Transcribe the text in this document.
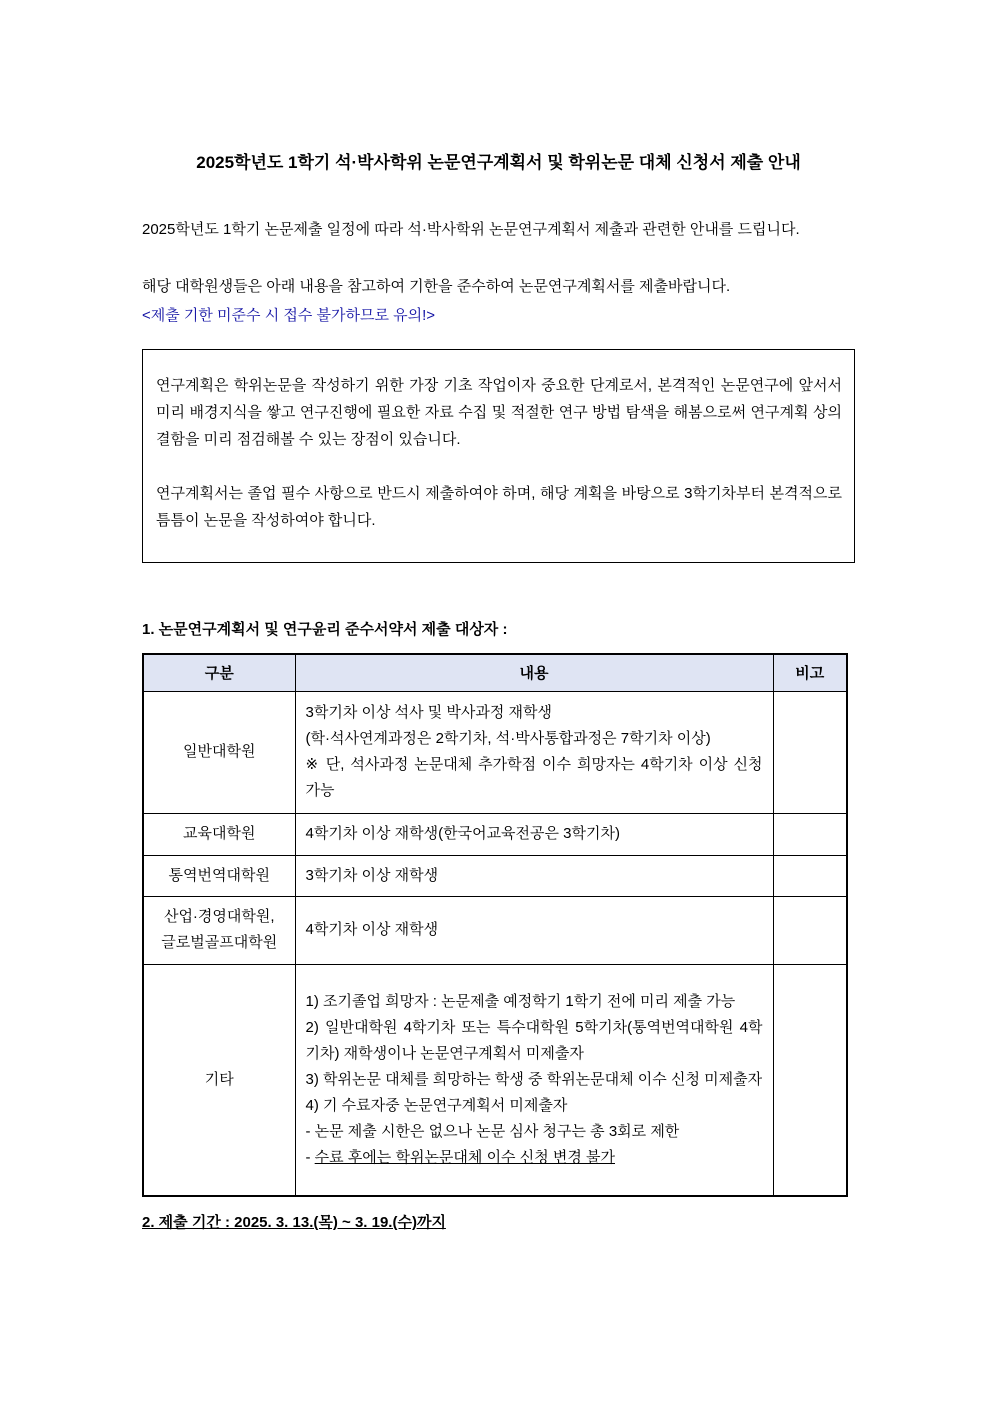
2025학년도 1학기 석·박사학위 논문연구계획서 및 학위논문 대체 신청서 제출 안내

2025학년도 1학기 논문제출 일정에 따라 석·박사학위 논문연구계획서 제출과 관련한 안내를 드립니다.

해당 대학원생들은 아래 내용을 참고하여 기한을 준수하여 논문연구계획서를 제출바랍니다.

<제출 기한 미준수 시 접수 불가하므로 유의!>

연구계획은 학위논문을 작성하기 위한 가장 기초 작업이자 중요한 단계로서, 본격적인 논문연구에 앞서서 미리 배경지식을 쌓고 연구진행에 필요한 자료 수집 및 적절한 연구 방법 탐색을 해봄으로써 연구계획 상의 결함을 미리 점검해볼 수 있는 장점이 있습니다.

연구계획서는 졸업 필수 사항으로 반드시 제출하여야 하며, 해당 계획을 바탕으로 3학기차부터 본격적으로 틈틈이 논문을 작성하여야 합니다.

1. 논문연구계획서 및 연구윤리 준수서약서 제출 대상자 :
구분	내용	비고

일반대학원	3학기차 이상 석사 및 박사과정 재학생
(학·석사연계과정은 2학기차, 석·박사통합과정은 7학기차 이상)
※ 단, 석사과정 논문대체 추가학점 이수 희망자는 4학기차 이상 신청 가능	

교육대학원	4학기차 이상 재학생(한국어교육전공은 3학기차)	

통역번역대학원	3학기차 이상 재학생	

산업·경영대학원,
글로벌골프대학원	4학기차 이상 재학생	

기타

1) 조기졸업 희망자 : 논문제출 예정학기 1학기 전에 미리 제출 가능
2) 일반대학원 4학기차 또는 특수대학원 5학기차(통역번역대학원 4학기차) 재학생이나 논문연구계획서 미제출자
3) 학위논문 대체를 희망하는 학생 중 학위논문대체 이수 신청 미제출자
4) 기 수료자중 논문연구계획서 미제출자
- 논문 제출 시한은 없으나 논문 심사 청구는 총 3회로 제한
- 수료 후에는 학위논문대체 이수 신청 변경 불가

2. 제출 기간 : 2025. 3. 13.(목) ~ 3. 19.(수)까지
